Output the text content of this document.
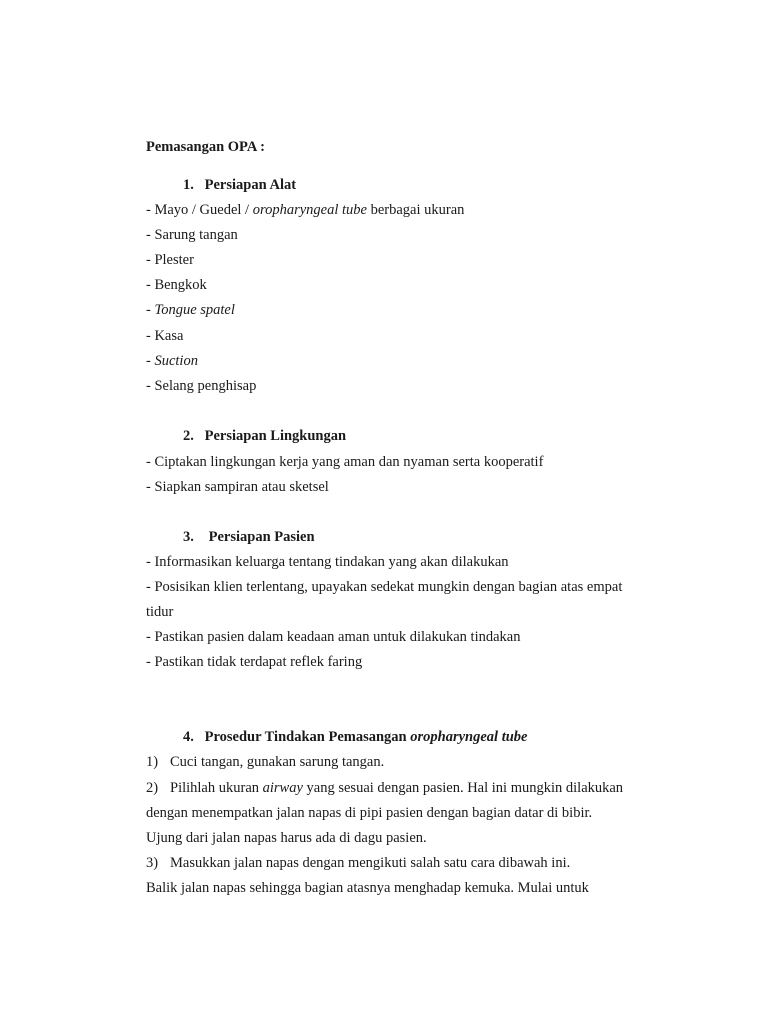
Pemasangan OPA :
1. Persiapan Alat
- Mayo / Guedel / oropharyngeal tube berbagai ukuran
- Sarung tangan
- Plester
- Bengkok
- Tongue spatel
- Kasa
- Suction
- Selang penghisap
2. Persiapan Lingkungan
- Ciptakan lingkungan kerja yang aman dan nyaman serta kooperatif
- Siapkan sampiran atau sketsel
3. Persiapan Pasien
- Informasikan keluarga tentang tindakan yang akan dilakukan
- Posisikan klien terlentang, upayakan sedekat mungkin dengan bagian atas empat
tidur
- Pastikan pasien dalam keadaan aman untuk dilakukan tindakan
- Pastikan tidak terdapat reflek faring
4. Prosedur Tindakan Pemasangan oropharyngeal tube
1) Cuci tangan, gunakan sarung tangan.
2) Pilihlah ukuran airway yang sesuai dengan pasien. Hal ini mungkin dilakukan
dengan menempatkan jalan napas di pipi pasien dengan bagian datar di bibir.
Ujung dari jalan napas harus ada di dagu pasien.
3) Masukkan jalan napas dengan mengikuti salah satu cara dibawah ini.
Balik jalan napas sehingga bagian atasnya menghadap kemuka. Mulai untuk
